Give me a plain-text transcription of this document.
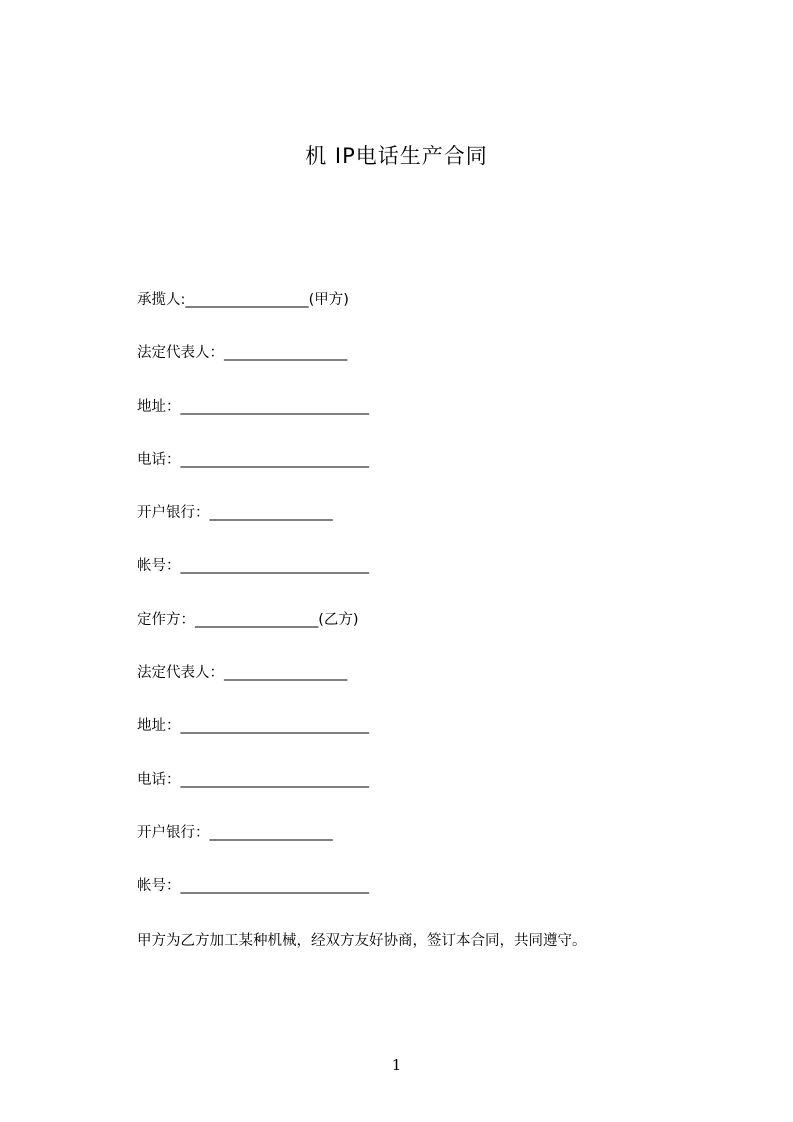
机 IP电话生产合同
承揽人:_________________(甲方)
法定代表人：_________________
地址：__________________________
电话：__________________________
开户银行：_________________
帐号：__________________________
定作方：_________________(乙方)
法定代表人：_________________
地址：__________________________
电话：__________________________
开户银行：_________________
帐号：__________________________
甲方为乙方加工某种机械，经双方友好协商，签订本合同，共同遵守。
1
